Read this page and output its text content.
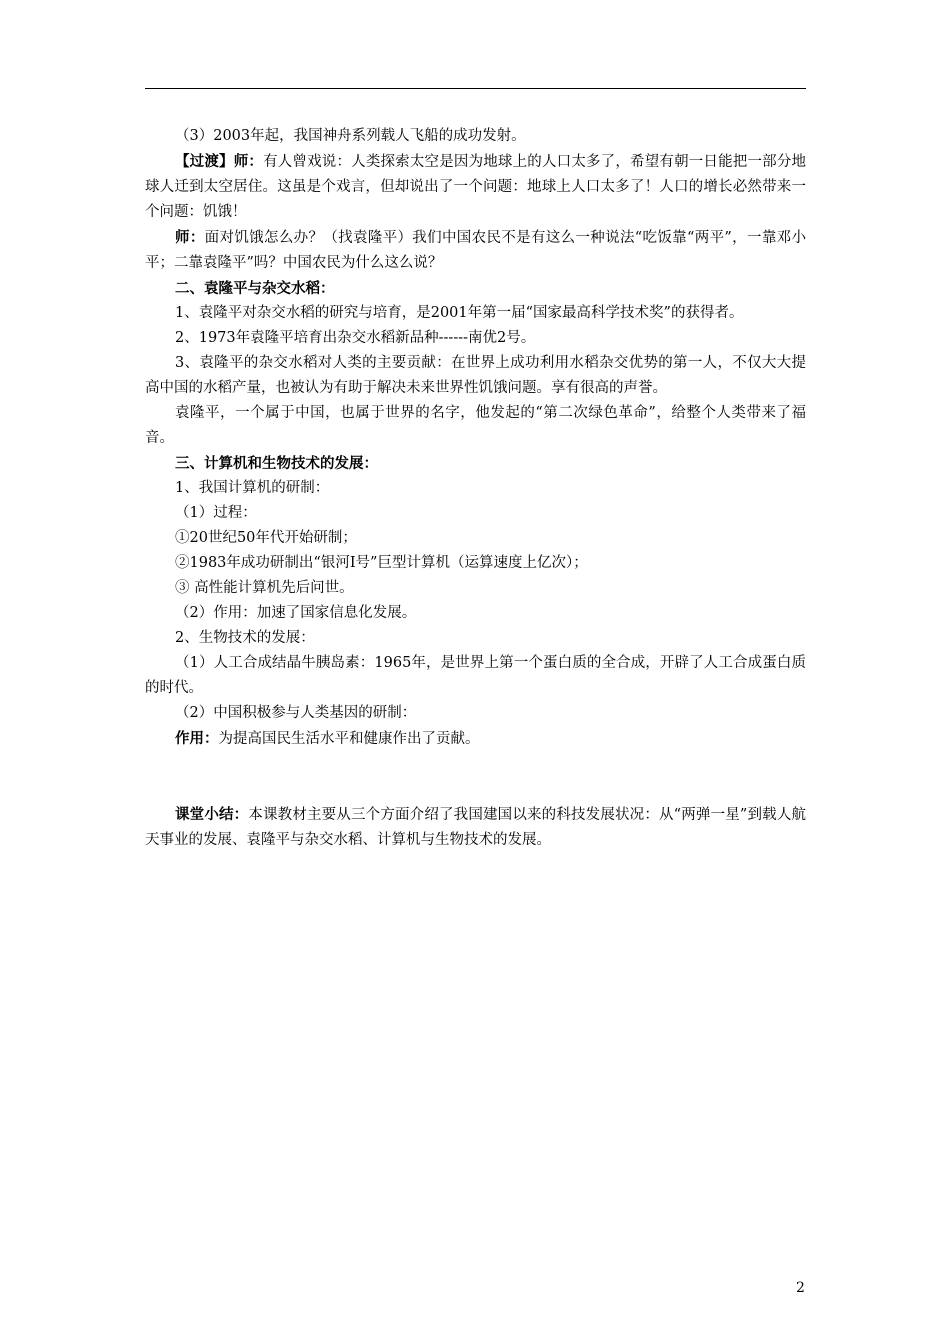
（3）2003年起，我国神舟系列载人飞船的成功发射。

【过渡】师：有人曾戏说：人类探索太空是因为地球上的人口太多了，希望有朝一日能把一部分地球人迁到太空居住。这虽是个戏言，但却说出了一个问题：地球上人口太多了！人口的增长必然带来一个问题：饥饿！

师：面对饥饿怎么办？（找袁隆平）我们中国农民不是有这么一种说法“吃饭靠“两平”，一靠邓小平；二靠袁隆平”吗？中国农民为什么这么说？

二、袁隆平与杂交水稻：

1、袁隆平对杂交水稻的研究与培育，是2001年第一届“国家最高科学技术奖”的获得者。

2、1973年袁隆平培育出杂交水稻新品种------南优2号。

3、袁隆平的杂交水稻对人类的主要贡献：在世界上成功利用水稻杂交优势的第一人，不仅大大提高中国的水稻产量，也被认为有助于解决未来世界性饥饿问题。享有很高的声誉。

袁隆平，一个属于中国，也属于世界的名字，他发起的“第二次绿色革命”，给整个人类带来了福音。

三、计算机和生物技术的发展：

1、我国计算机的研制：

（1）过程：

①20世纪50年代开始研制；

②1983年成功研制出“银河Ⅰ号”巨型计算机（运算速度上亿次）；

③ 高性能计算机先后问世。

（2）作用：加速了国家信息化发展。

2、生物技术的发展：

（1）人工合成结晶牛胰岛素：1965年，是世界上第一个蛋白质的全合成，开辟了人工合成蛋白质的时代。

（2）中国积极参与人类基因的研制：

作用：为提高国民生活水平和健康作出了贡献。

课堂小结：本课教材主要从三个方面介绍了我国建国以来的科技发展状况：从“两弹一星”到载人航天事业的发展、袁隆平与杂交水稻、计算机与生物技术的发展。

2
